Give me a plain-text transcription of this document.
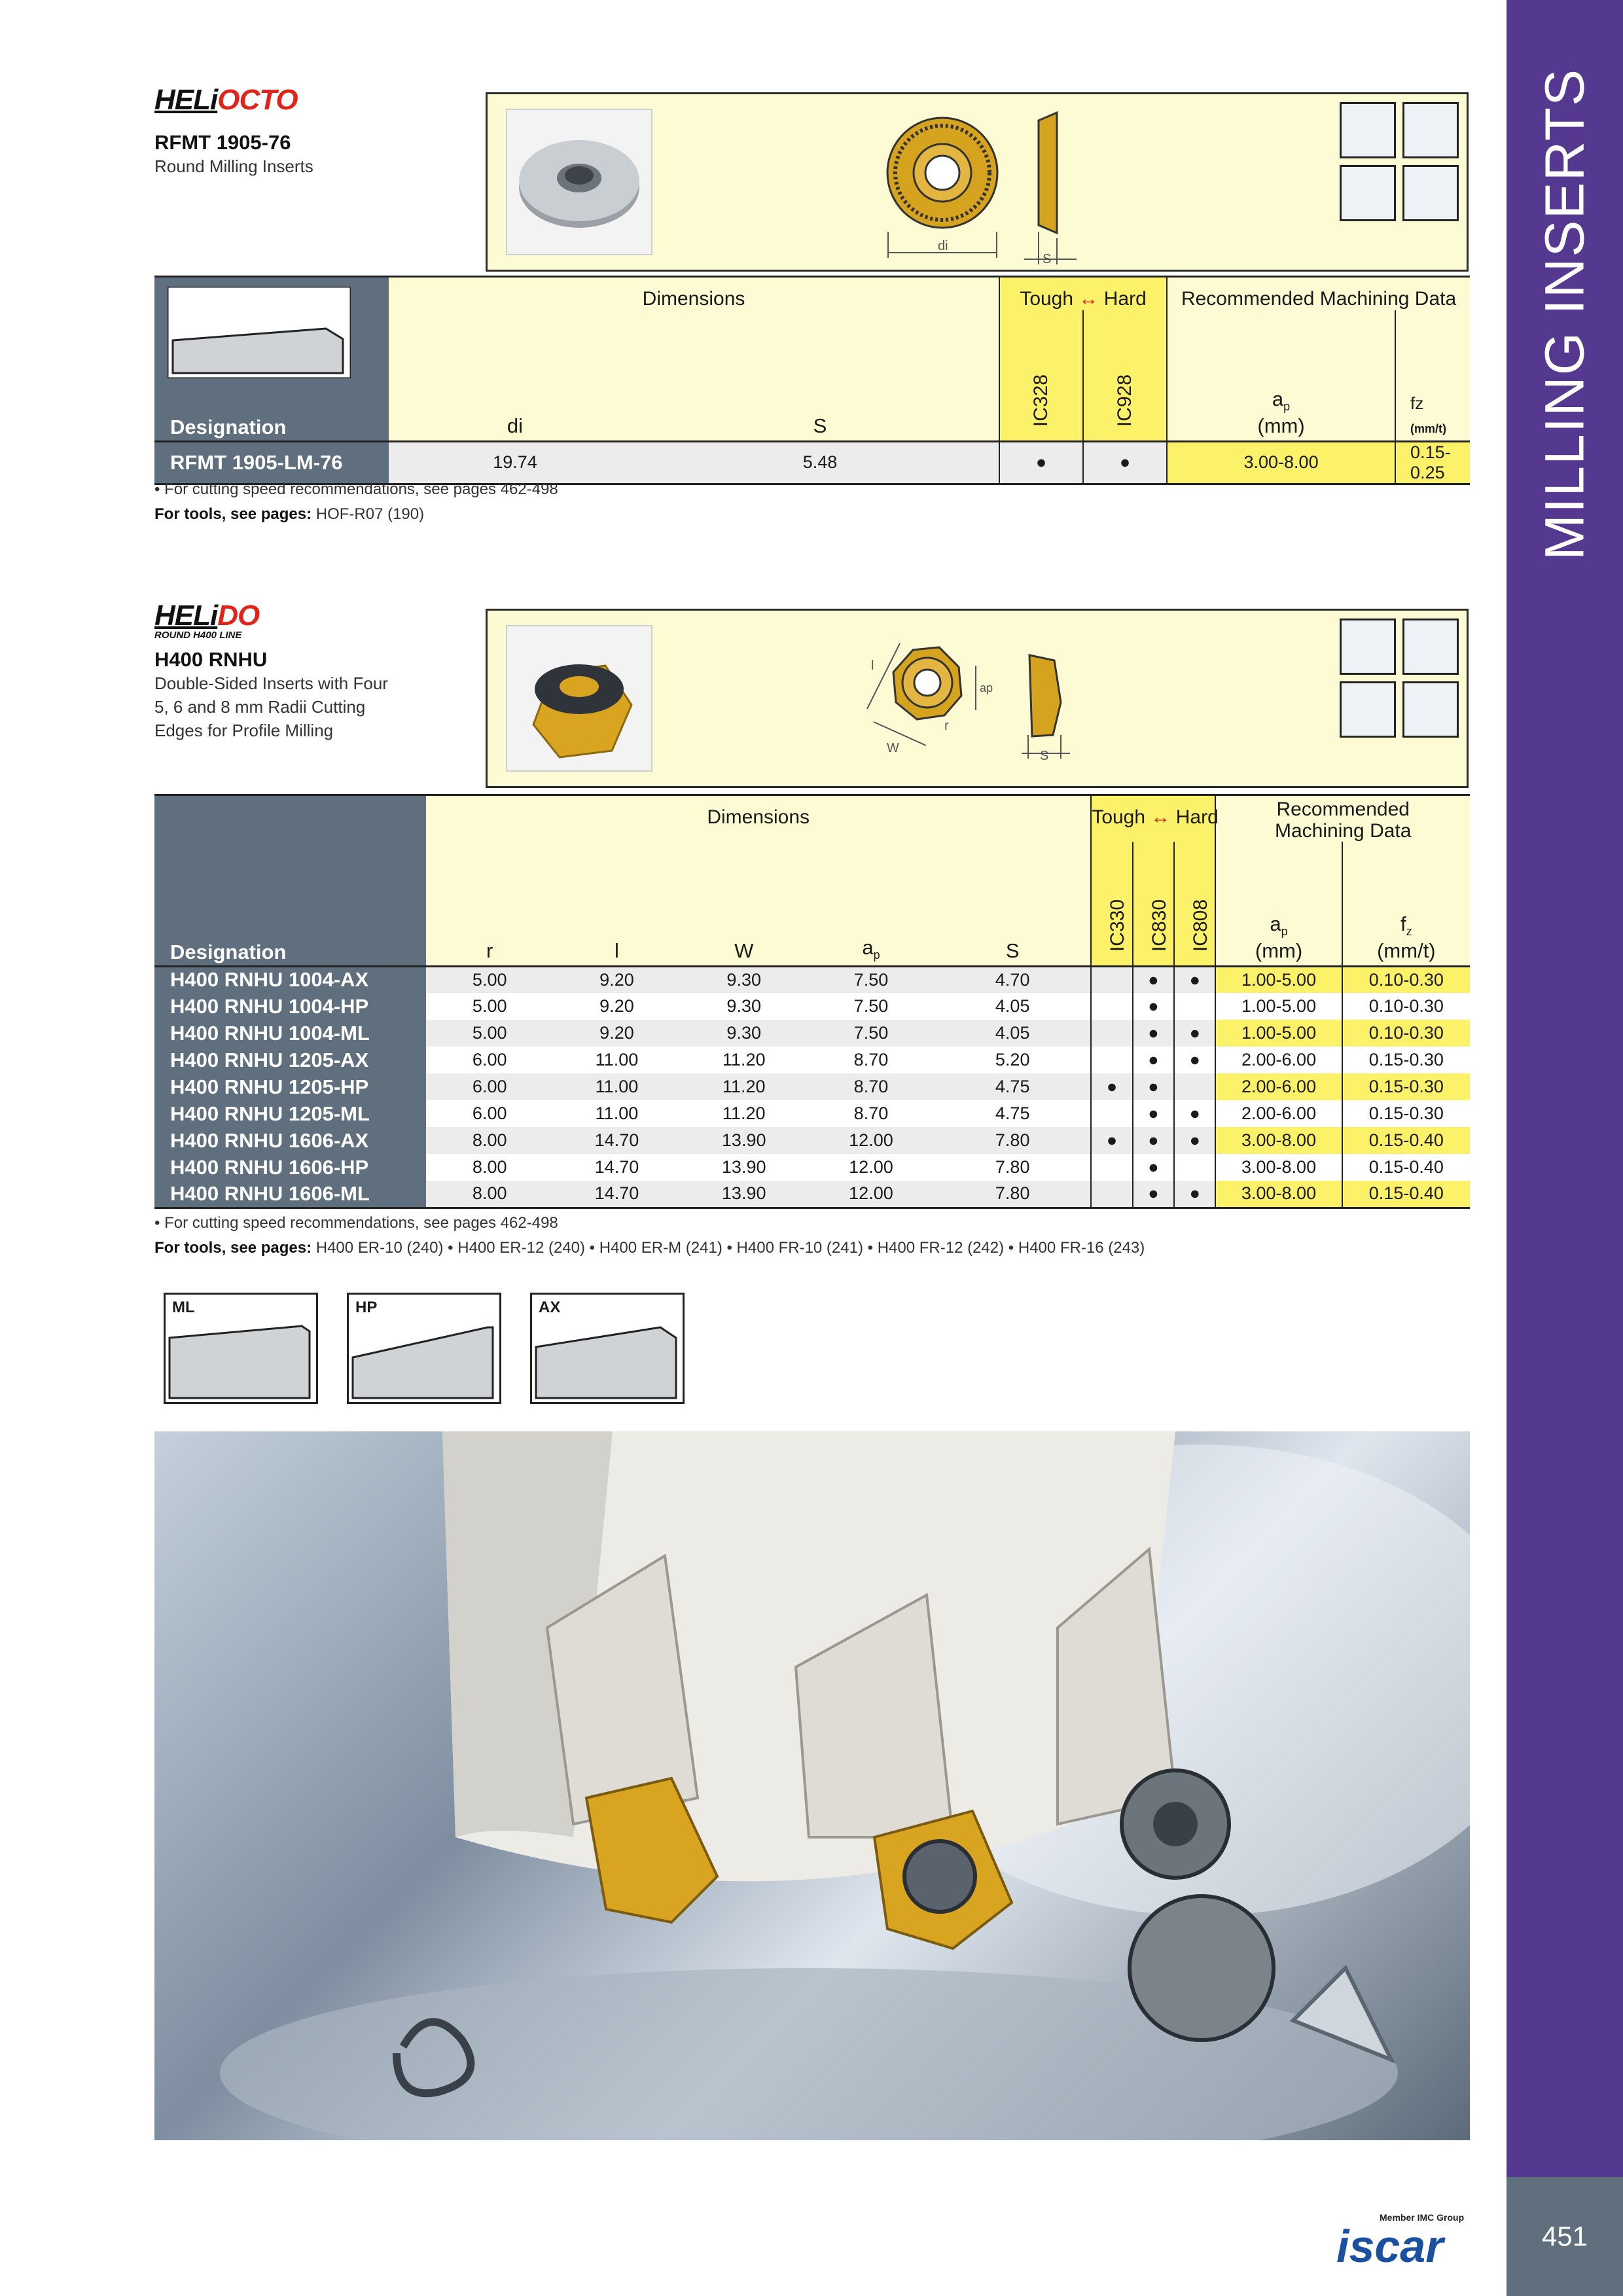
MILLING INSERTS
451
HELiOCTO
RFMT 1905-76
Round Milling Inserts
di
S
Designation	Dimensions		Tough ↔ Hard		Recommended Machining Data	
	di	S	IC328	IC928	$a_p$
(mm)	fz
(mm/t)
RFMT 1905-LM-76	19.74	5.48	●	●	3.00-8.00	0.15-0.25
• For cutting speed recommendations, see pages 462-498
For tools, see pages: HOF-R07 (190)
HELiDO
ROUND H400 LINE
H400 RNHU
Double-Sided Inserts with Four
5, 6 and 8 mm Radii Cutting
Edges for Profile Milling
l
W
r
ap
S
Designation	Dimensions					Tough ↔ Hard			Recommended
Machining Data	

	r	l	W	$a_p$	S	IC330	IC830	IC808	$a_p$
(mm)	$f_z$
(mm/t)
H400 RNHU 1004-AX	5.00	9.20	9.30	7.50	4.70		●	●	1.00-5.00	0.10-0.30
H400 RNHU 1004-HP	5.00	9.20	9.30	7.50	4.05		●		1.00-5.00	0.10-0.30
H400 RNHU 1004-ML	5.00	9.20	9.30	7.50	4.05		●	●	1.00-5.00	0.10-0.30
H400 RNHU 1205-AX	6.00	11.00	11.20	8.70	5.20		●	●	2.00-6.00	0.15-0.30
H400 RNHU 1205-HP	6.00	11.00	11.20	8.70	4.75	●	●		2.00-6.00	0.15-0.30
H400 RNHU 1205-ML	6.00	11.00	11.20	8.70	4.75		●	●	2.00-6.00	0.15-0.30
H400 RNHU 1606-AX	8.00	14.70	13.90	12.00	7.80	●	●	●	3.00-8.00	0.15-0.40
H400 RNHU 1606-HP	8.00	14.70	13.90	12.00	7.80		●		3.00-8.00	0.15-0.40
H400 RNHU 1606-ML	8.00	14.70	13.90	12.00	7.80		●	●	3.00-8.00	0.15-0.40
• For cutting speed recommendations, see pages 462-498
For tools, see pages: H400 ER-10 (240) • H400 ER-12 (240) • H400 ER-M (241) • H400 FR-10 (241) • H400 FR-12 (242) • H400 FR-16 (243)
ML	HP	AX
Member IMC Group
iscar
